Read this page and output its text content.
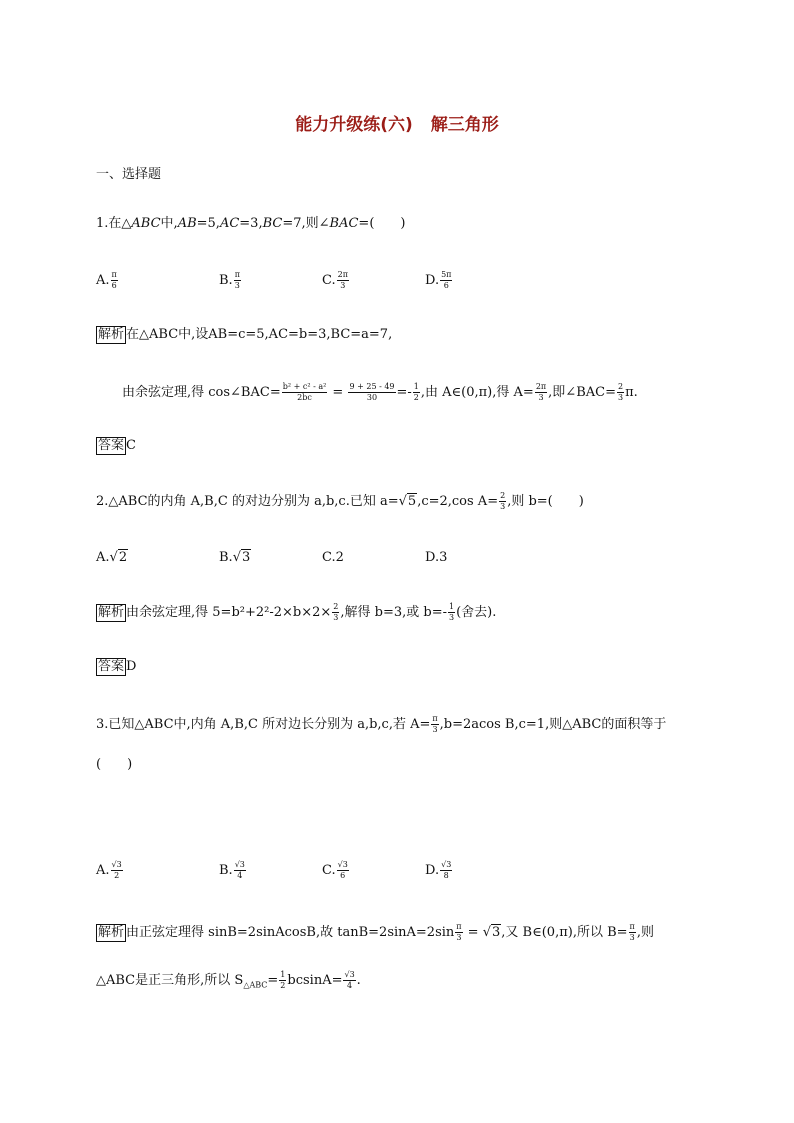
能力升级练(六) 解三角形
一、选择题
1.在△ABC中,AB=5,AC=3,BC=7,则∠BAC=( )
A. $\frac{\pi}{6}$	B. $\frac{\pi}{3}$	C. $\frac{2\pi}{3}$	D. $\frac{5\pi}{6}$
解析 在△ABC中,设AB=c=5,AC=b=3,BC=a=7,
由余弦定理,得 cos∠BAC= $\frac{\text{b² + c² - a²}}{2bc} = \frac{9 + 25 - 49}{30} =- \frac{1}{2}$ ,由 A∈(0,π),得 $A= \frac{2\pi}{3}$ ,即∠BAC= $\frac{2}{3} \pi$.
答案 C
2.△ABC的内角 A,B,C 的对边分别为 a,b,c.已知 a=√5,c=2,cos $A= \frac{2}{3}$ ,则 b=( )
A.√2	B.√3	C.2	D.3
解析 由余弦定理,得 $5=b^2+2^2-2\times b\times 2\times \frac{2}{3}$ ,解得 b=3,或 $b=- \frac{1}{3}$ (舍去).
答案 D
3.已知△ABC中,内角 A,B,C 所对边长分别为 a,b,c,若 $A= \frac{\pi}{3} ,b=2acos$ B,c=1,则△ABC的面积等于
( )
A. $\frac{√3}{2}$	B. $\frac{√3}{4}$	C. $\frac{√3}{6}$	D. $\frac{√3}{8}$
解析 由正弦定理得 sinB=2sinAcosB,故 $\tan B=2\sin A=2\sin \frac{\pi}{3} = √3$,又 B∈(0,π),所以 $B= \frac{\pi}{3}$ ,则
△ABC是正三角形,所以 $S_{\triangle ABC}= \frac{1}{2} bcsinA= \frac{√3}{4}$ .
